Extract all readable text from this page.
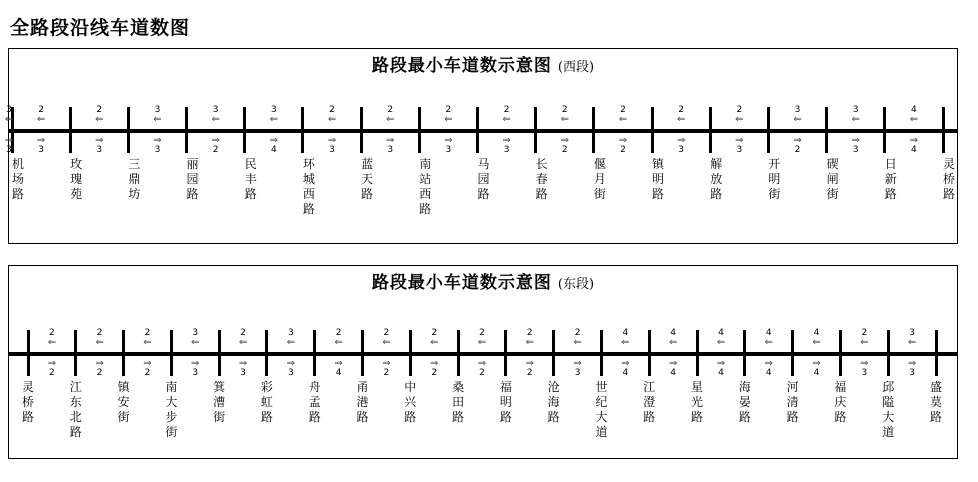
全路段沿线车道数图
路段最小车道数示意图 (西段)
机场路
玫瑰苑
三鼎坊
丽园路
民丰路
环城西路
蓝天路
南站西路
马园路
长春路
偃月街
镇明路
解放路
开明街
碶闸街
日新路
灵桥路
2
⇐
⇒
3
2
⇐
⇒
3
3
⇐
⇒
3
3
⇐
⇒
2
3
⇐
⇒
4
2
⇐
⇒
3
2
⇐
⇒
3
2
⇐
⇒
3
2
⇐
⇒
3
2
⇐
⇒
2
2
⇐
⇒
2
2
⇐
⇒
3
2
⇐
⇒
3
3
⇐
⇒
2
3
⇐
⇒
3
4
⇐
⇒
4
3
⇐
⇒
3
路段最小车道数示意图 (东段)
灵桥路
江东北路
镇安街
南大步街
箕漕街
彩虹路
舟孟路
甬港路
中兴路
桑田路
福明路
沧海路
世纪大道
江澄路
星光路
海晏路
河清路
福庆路
邱隘大道
盛莫路
2
⇐
⇒
2
2
⇐
⇒
2
2
⇐
⇒
2
3
⇐
⇒
3
2
⇐
⇒
3
3
⇐
⇒
3
2
⇐
⇒
4
2
⇐
⇒
2
2
⇐
⇒
2
2
⇐
⇒
2
2
⇐
⇒
2
2
⇐
⇒
3
4
⇐
⇒
4
4
⇐
⇒
4
4
⇐
⇒
4
4
⇐
⇒
4
4
⇐
⇒
4
2
⇐
⇒
3
3
⇐
⇒
3
